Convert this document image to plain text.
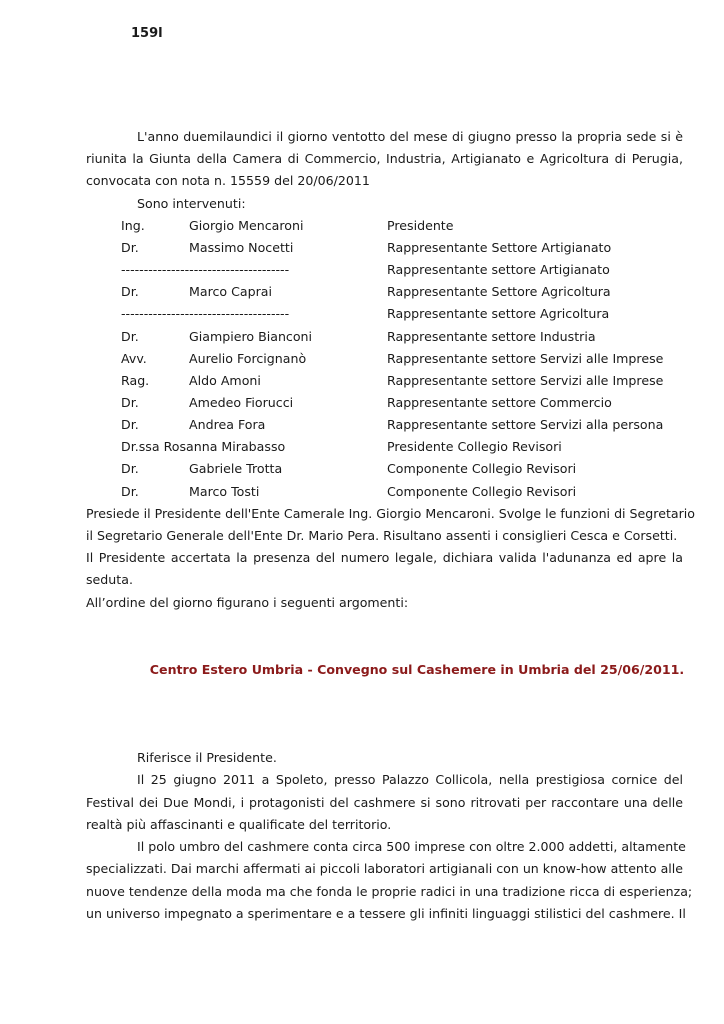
159l
L'anno duemilaundici il giorno ventotto del mese di giugno presso la propria sede si è
riunita la Giunta della Camera di Commercio, Industria, Artigianato e Agricoltura di Perugia,
convocata con nota n. 15559 del 20/06/2011
Sono intervenuti:
Ing.	Giorgio Mencaroni	Presidente
Dr.	Massimo Nocetti	Rappresentante Settore Artigianato
-------------------------------------	Rappresentante settore Artigianato
Dr.	Marco Caprai	Rappresentante Settore Agricoltura
-------------------------------------	Rappresentante settore Agricoltura
Dr.	Giampiero Bianconi	Rappresentante settore Industria
Avv.	Aurelio Forcignanò	Rappresentante settore Servizi alle Imprese
Rag.	Aldo Amoni	Rappresentante settore Servizi alle Imprese
Dr.	Amedeo Fiorucci	Rappresentante settore Commercio
Dr.	Andrea Fora	Rappresentante settore Servizi alla persona
Dr.ssa Rosanna Mirabasso	Presidente Collegio Revisori
Dr.	Gabriele Trotta	Componente Collegio Revisori
Dr.	Marco Tosti	Componente Collegio Revisori
Presiede il Presidente dell'Ente Camerale Ing. Giorgio Mencaroni. Svolge le funzioni di Segretario
il Segretario Generale dell'Ente Dr. Mario Pera. Risultano assenti i consiglieri Cesca e Corsetti.
Il Presidente accertata la presenza del numero legale, dichiara valida l'adunanza ed apre la
seduta.
All’ordine del giorno figurano i seguenti argomenti:
Centro Estero Umbria - Convegno sul Cashemere in Umbria del 25/06/2011.
Riferisce il Presidente.
Il 25 giugno 2011 a Spoleto, presso Palazzo Collicola, nella prestigiosa cornice del
Festival dei Due Mondi, i protagonisti del cashmere si sono ritrovati per raccontare una delle
realtà più affascinanti e qualificate del territorio.
Il polo umbro del cashmere conta circa 500 imprese con oltre 2.000 addetti, altamente
specializzati. Dai marchi affermati ai piccoli laboratori artigianali con un know-how attento alle
nuove tendenze della moda ma che fonda le proprie radici in una tradizione ricca di esperienza;
un universo impegnato a sperimentare e a tessere gli infiniti linguaggi stilistici del cashmere. Il
